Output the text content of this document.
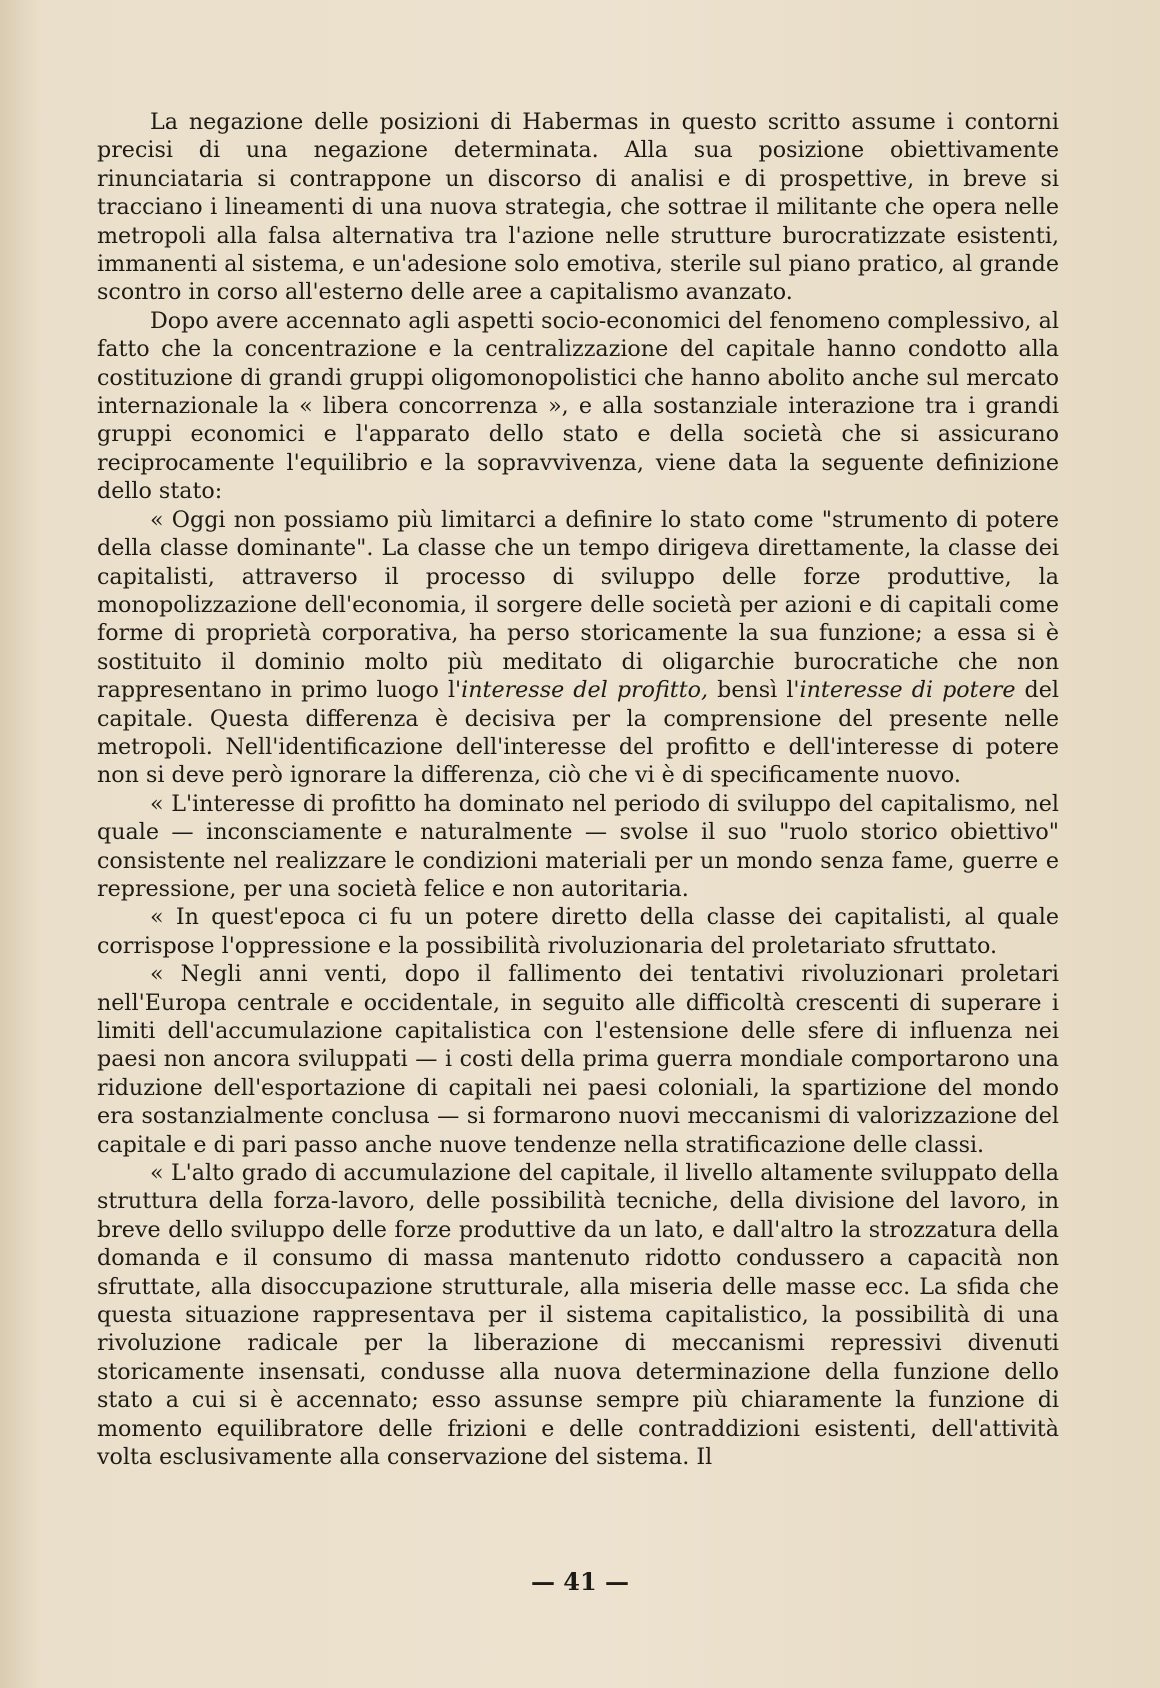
La negazione delle posizioni di Habermas in questo scritto assume i contorni precisi di una negazione determinata. Alla sua posizione obiettivamente rinunciataria si contrappone un discorso di analisi e di prospettive, in breve si tracciano i lineamenti di una nuova strategia, che sottrae il militante che opera nelle metropoli alla falsa alternativa tra l'azione nelle strutture burocratizzate esistenti, immanenti al sistema, e un'adesione solo emotiva, sterile sul piano pratico, al grande scontro in corso all'esterno delle aree a capitalismo avanzato.

Dopo avere accennato agli aspetti socio-economici del fenomeno complessivo, al fatto che la concentrazione e la centralizzazione del capitale hanno condotto alla costituzione di grandi gruppi oligomonopolistici che hanno abolito anche sul mercato internazionale la « libera concorrenza », e alla sostanziale interazione tra i grandi gruppi economici e l'apparato dello stato e della società che si assicurano reciprocamente l'equilibrio e la sopravvivenza, viene data la seguente definizione dello stato:

« Oggi non possiamo più limitarci a definire lo stato come "strumento di potere della classe dominante". La classe che un tempo dirigeva direttamente, la classe dei capitalisti, attraverso il processo di sviluppo delle forze produttive, la monopolizzazione dell'economia, il sorgere delle società per azioni e di capitali come forme di proprietà corporativa, ha perso storicamente la sua funzione; a essa si è sostituito il dominio molto più meditato di oligarchie burocratiche che non rappresentano in primo luogo l'interesse del profitto, bensì l'interesse di potere del capitale. Questa differenza è decisiva per la comprensione del presente nelle metropoli. Nell'identificazione dell'interesse del profitto e dell'interesse di potere non si deve però ignorare la differenza, ciò che vi è di specificamente nuovo.

« L'interesse di profitto ha dominato nel periodo di sviluppo del capitalismo, nel quale — inconsciamente e naturalmente — svolse il suo "ruolo storico obiettivo" consistente nel realizzare le condizioni materiali per un mondo senza fame, guerre e repressione, per una società felice e non autoritaria.

« In quest'epoca ci fu un potere diretto della classe dei capitalisti, al quale corrispose l'oppressione e la possibilità rivoluzionaria del proletariato sfruttato.

« Negli anni venti, dopo il fallimento dei tentativi rivoluzionari proletari nell'Europa centrale e occidentale, in seguito alle difficoltà crescenti di superare i limiti dell'accumulazione capitalistica con l'estensione delle sfere di influenza nei paesi non ancora sviluppati — i costi della prima guerra mondiale comportarono una riduzione dell'esportazione di capitali nei paesi coloniali, la spartizione del mondo era sostanzialmente conclusa — si formarono nuovi meccanismi di valorizzazione del capitale e di pari passo anche nuove tendenze nella stratificazione delle classi.

« L'alto grado di accumulazione del capitale, il livello altamente sviluppato della struttura della forza-lavoro, delle possibilità tecniche, della divisione del lavoro, in breve dello sviluppo delle forze produttive da un lato, e dall'altro la strozzatura della domanda e il consumo di massa mantenuto ridotto condussero a capacità non sfruttate, alla disoccupazione strutturale, alla miseria delle masse ecc. La sfida che questa situazione rappresentava per il sistema capitalistico, la possibilità di una rivoluzione radicale per la liberazione di meccanismi repressivi divenuti storicamente insensati, condusse alla nuova determinazione della funzione dello stato a cui si è accennato; esso assunse sempre più chiaramente la funzione di momento equilibratore delle frizioni e delle contraddizioni esistenti, dell'attività volta esclusivamente alla conservazione del sistema. Il

— 41 —
